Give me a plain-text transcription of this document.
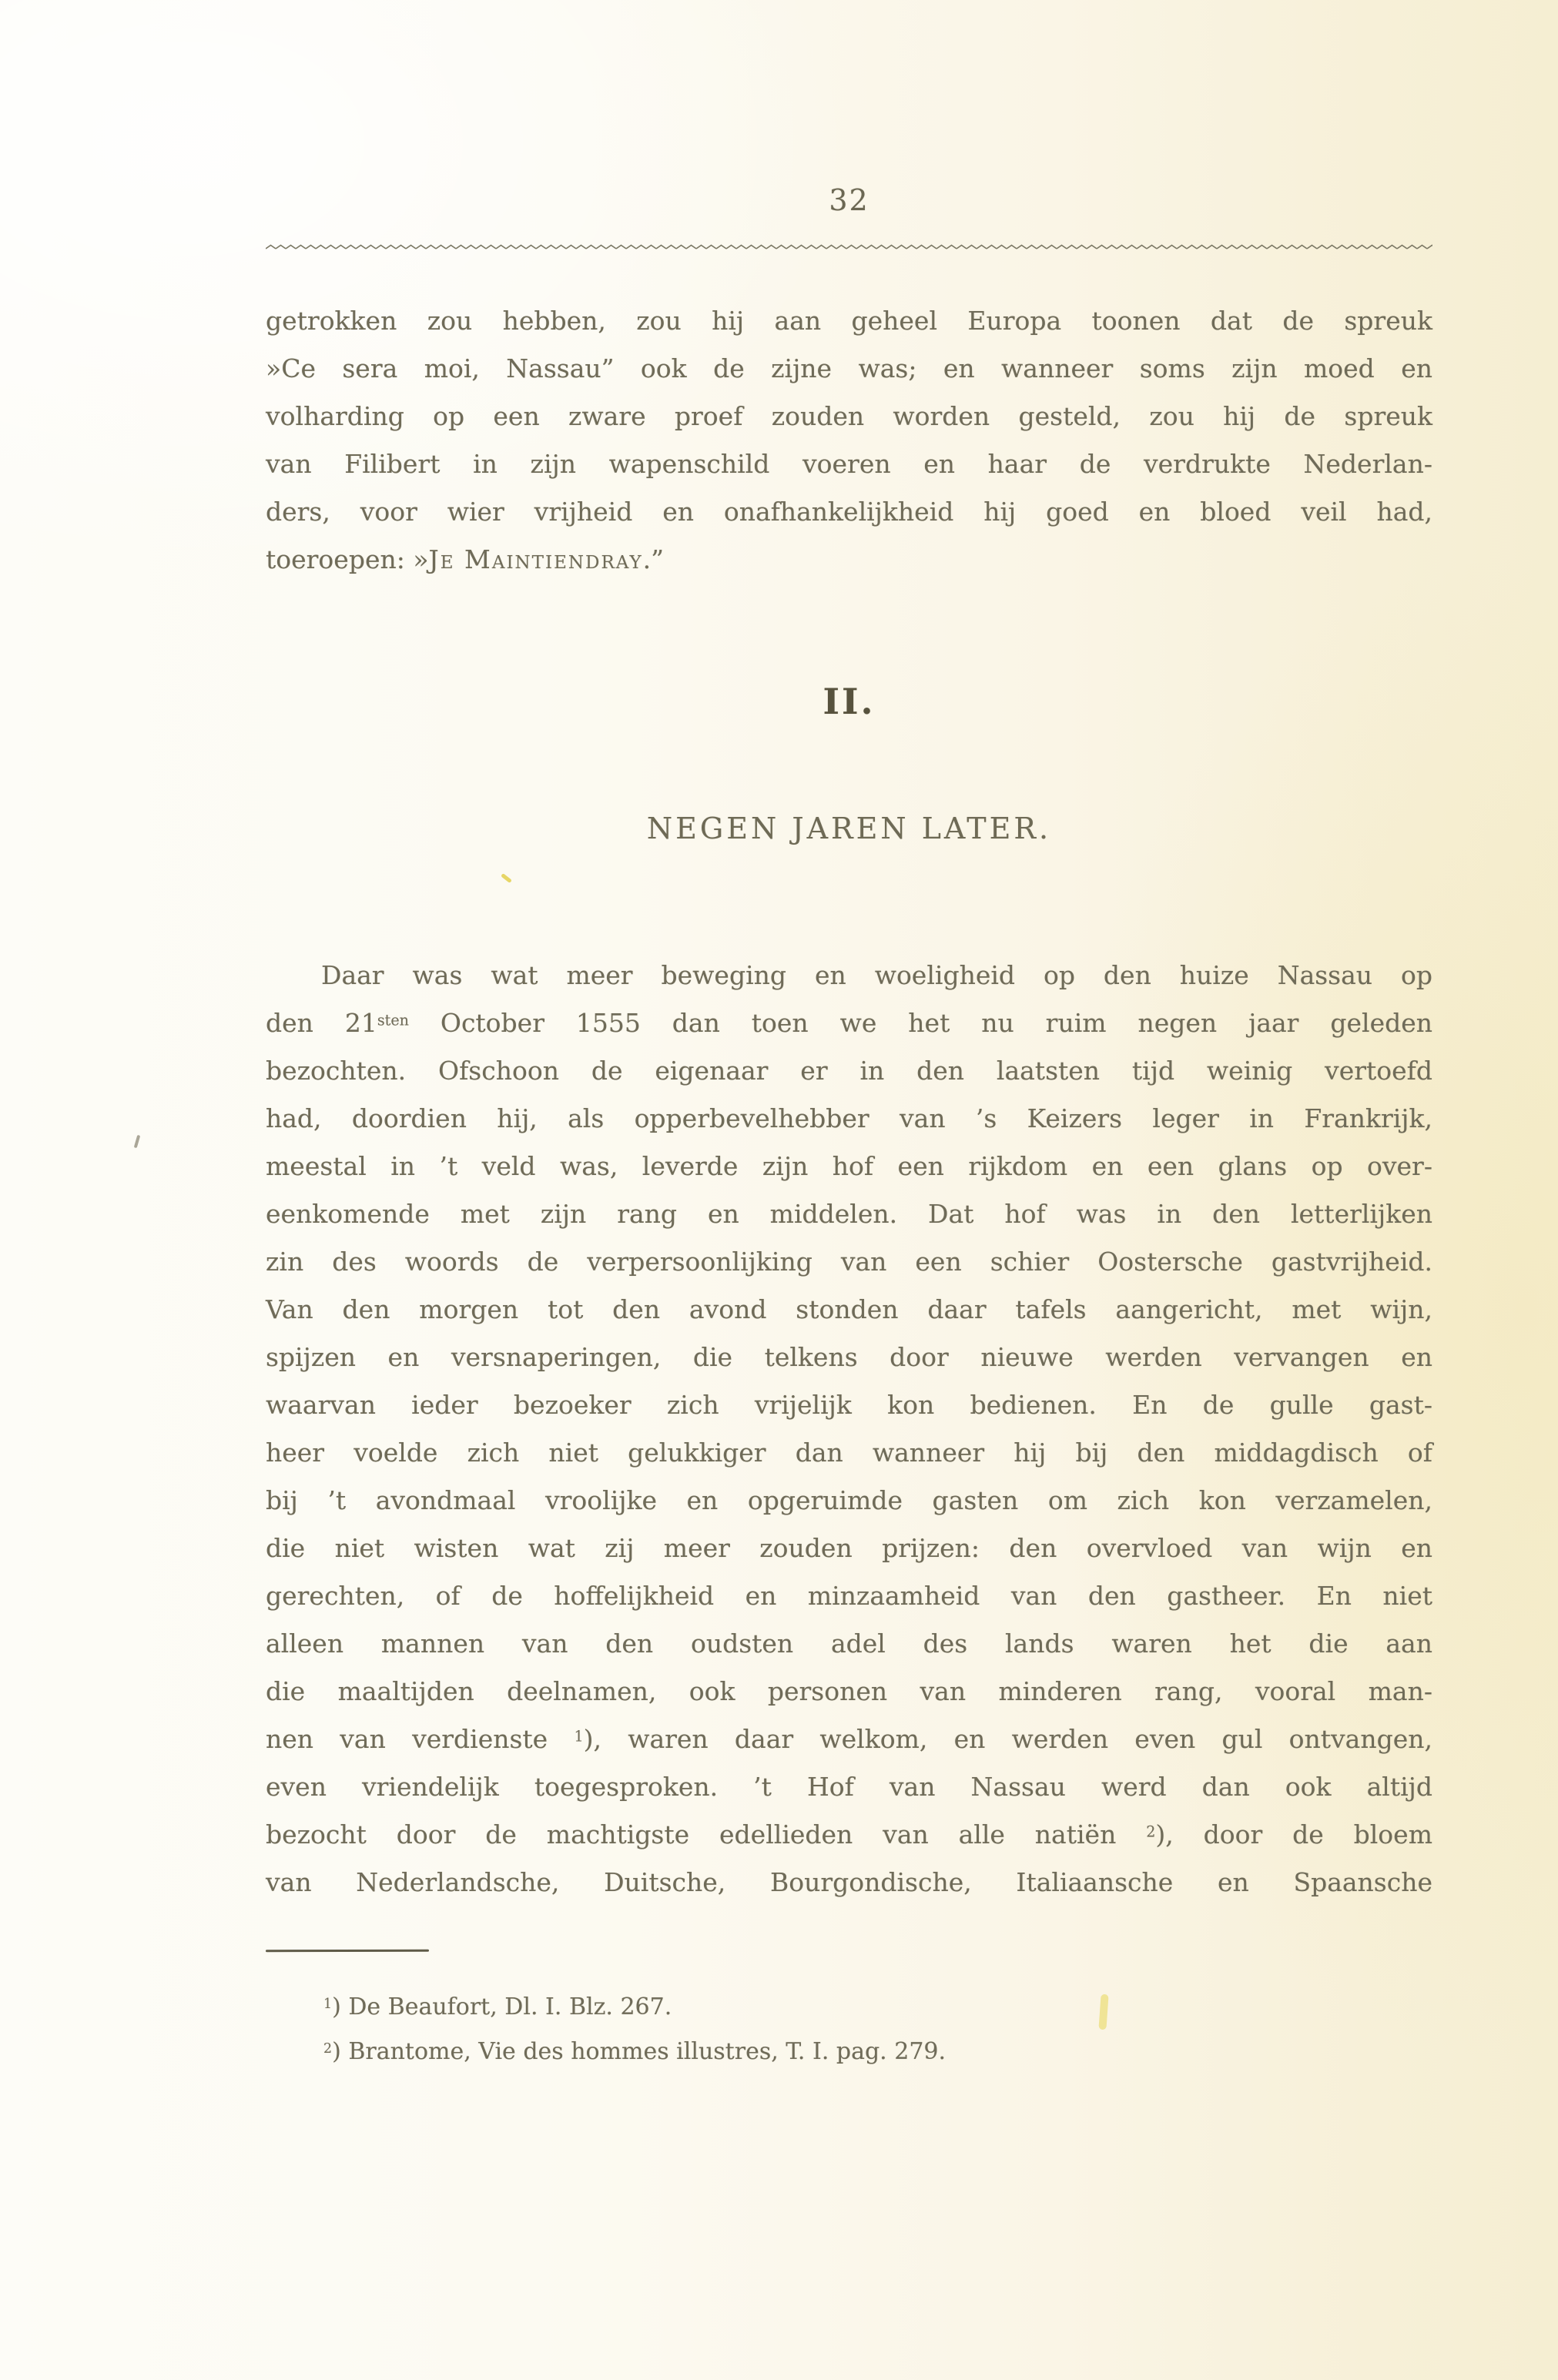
32
getrokken zou hebben, zou hij aan geheel Europa toonen dat de spreuk
»Ce sera moi, Nassau” ook de zijne was; en wanneer soms zijn moed en
volharding op een zware proef zouden worden gesteld, zou hij de spreuk
van Filibert in zijn wapenschild voeren en haar de verdrukte Nederlan-
ders, voor wier vrijheid en onafhankelijkheid hij goed en bloed veil had,
toeroepen: »Je Maintiendray.”
II.
NEGEN JAREN LATER.
Daar was wat meer beweging en woeligheid op den huize Nassau op
den $21^{sten}$ October 1555 dan toen we het nu ruim negen jaar geleden
bezochten. Ofschoon de eigenaar er in den laatsten tijd weinig vertoefd
had, doordien hij, als opperbevelhebber van ’s Keizers leger in Frankrijk,
meestal in ’t veld was, leverde zijn hof een rijkdom en een glans op over-
eenkomende met zijn rang en middelen. Dat hof was in den letterlijken
zin des woords de verpersoonlijking van een schier Oostersche gastvrijheid.
Van den morgen tot den avond stonden daar tafels aangericht, met wijn,
spijzen en versnaperingen, die telkens door nieuwe werden vervangen en
waarvan ieder bezoeker zich vrijelijk kon bedienen. En de gulle gast-
heer voelde zich niet gelukkiger dan wanneer hij bij den middagdisch of
bij ’t avondmaal vroolijke en opgeruimde gasten om zich kon verzamelen,
die niet wisten wat zij meer zouden prijzen: den overvloed van wijn en
gerechten, of de hoffelijkheid en minzaamheid van den gastheer. En niet
alleen mannen van den oudsten adel des lands waren het die aan
die maaltijden deelnamen, ook personen van minderen rang, vooral man-
nen van verdienste $^1$), waren daar welkom, en werden even gul ontvangen,
even vriendelijk toegesproken. ’t Hof van Nassau werd dan ook altijd
bezocht door de machtigste edellieden van alle natiën $^2$), door de bloem
van Nederlandsche, Duitsche, Bourgondische, Italiaansche en Spaansche
$^1$) De Beaufort, Dl. I. Blz. 267.
$^2$) Brantome, Vie des hommes illustres, T. I. pag. 279.
